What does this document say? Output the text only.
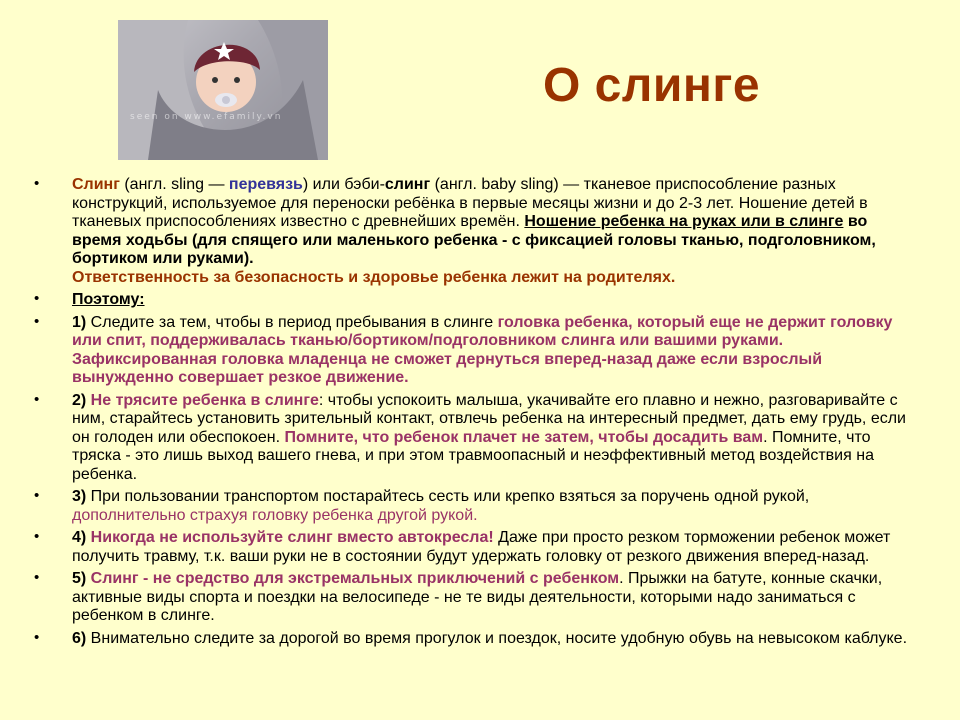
seen on www.efamily.vn
О слинге
• Слинг (англ. sling — перевязь) или бэби-слинг (англ. baby sling) — тканевое приспособление разных конструкций, используемое для переноски ребёнка в первые месяцы жизни и до 2-3 лет. Ношение детей в тканевых приспособлениях известно с древнейших времён. Ношение ребенка на руках или в слинге во время ходьбы (для спящего или маленького ребенка - с фиксацией головы тканью, подголовником, бортиком или руками).
Ответственность за безопасность и здоровье ребенка лежит на родителях.
• Поэтому:
• 1) Следите за тем, чтобы в период пребывания в слинге головка ребенка, который еще не держит головку или спит, поддерживалась тканью/бортиком/подголовником слинга или вашими руками. Зафиксированная головка младенца не сможет дернуться вперед-назад даже если взрослый вынужденно совершает резкое движение.
• 2) Не трясите ребенка в слинге: чтобы успокоить малыша, укачивайте его плавно и нежно, разговаривайте с ним, старайтесь установить зрительный контакт, отвлечь ребенка на интересный предмет, дать ему грудь, если он голоден или обеспокоен. Помните, что ребенок плачет не затем, чтобы досадить вам. Помните, что тряска - это лишь выход вашего гнева, и при этом травмоопасный и неэффективный метод воздействия на ребенка.
• 3) При пользовании транспортом постарайтесь сесть или крепко взяться за поручень одной рукой, дополнительно страхуя головку ребенка другой рукой.
• 4) Никогда не используйте слинг вместо автокресла! Даже при просто резком торможении ребенок может получить травму, т.к. ваши руки не в состоянии будут удержать головку от резкого движения вперед-назад.
• 5) Слинг - не средство для экстремальных приключений с ребенком. Прыжки на батуте, конные скачки, активные виды спорта и поездки на велосипеде - не те виды деятельности, которыми надо заниматься с ребенком в слинге.
• 6) Внимательно следите за дорогой во время прогулок и поездок, носите удобную обувь на невысоком каблуке.
